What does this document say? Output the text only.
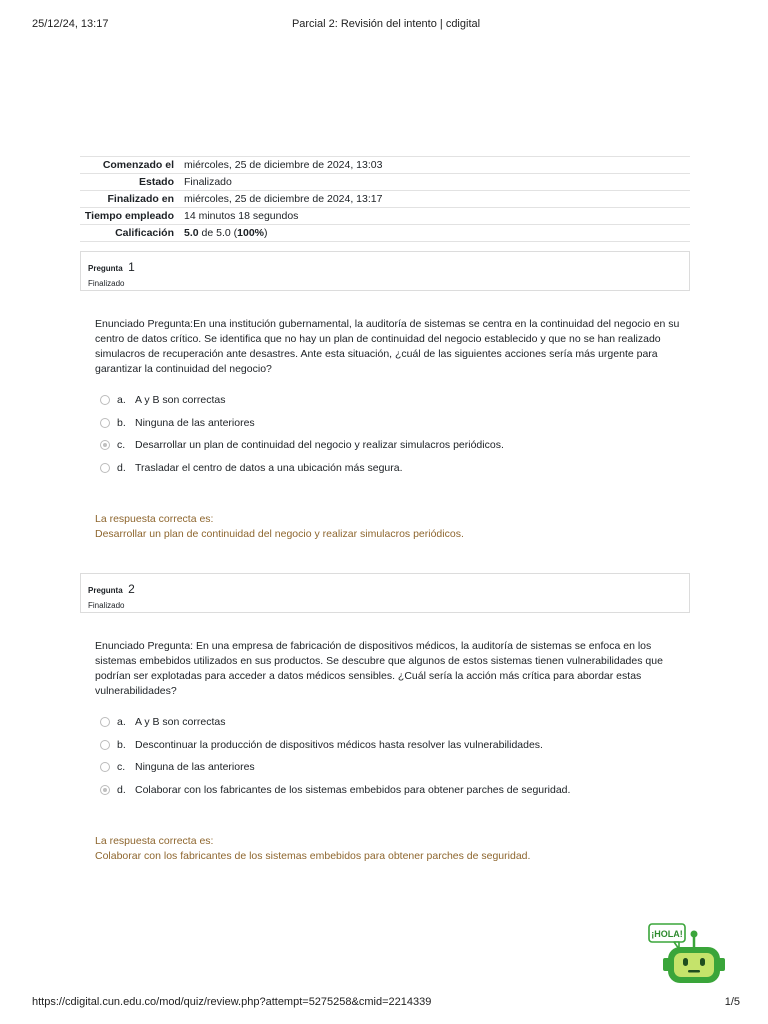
25/12/24, 13:17	Parcial 2: Revisión del intento | cdigital
Comenzado el	miércoles, 25 de diciembre de 2024, 13:03
Estado	Finalizado
Finalizado en	miércoles, 25 de diciembre de 2024, 13:17
Tiempo empleado	14 minutos 18 segundos
Calificación	5.0 de 5.0 (100%)
Pregunta 1
Finalizado
Enunciado Pregunta:En una institución gubernamental, la auditoría de sistemas se centra en la continuidad del negocio en su centro de datos crítico. Se identifica que no hay un plan de continuidad del negocio establecido y que no se han realizado simulacros de recuperación ante desastres. Ante esta situación, ¿cuál de las siguientes acciones sería más urgente para garantizar la continuidad del negocio?
a. A y B son correctas
b. Ninguna de las anteriores
c. Desarrollar un plan de continuidad del negocio y realizar simulacros periódicos.
d. Trasladar el centro de datos a una ubicación más segura.
La respuesta correcta es:
Desarrollar un plan de continuidad del negocio y realizar simulacros periódicos.
Pregunta 2
Finalizado
Enunciado Pregunta: En una empresa de fabricación de dispositivos médicos, la auditoría de sistemas se enfoca en los sistemas embebidos utilizados en sus productos. Se descubre que algunos de estos sistemas tienen vulnerabilidades que podrían ser explotadas para acceder a datos médicos sensibles. ¿Cuál sería la acción más crítica para abordar estas vulnerabilidades?
a. A y B son correctas
b. Descontinuar la producción de dispositivos médicos hasta resolver las vulnerabilidades.
c. Ninguna de las anteriores
d. Colaborar con los fabricantes de los sistemas embebidos para obtener parches de seguridad.
La respuesta correcta es:
Colaborar con los fabricantes de los sistemas embebidos para obtener parches de seguridad.
¡HOLA!
https://cdigital.cun.edu.co/mod/quiz/review.php?attempt=5275258&cmid=2214339	1/5
